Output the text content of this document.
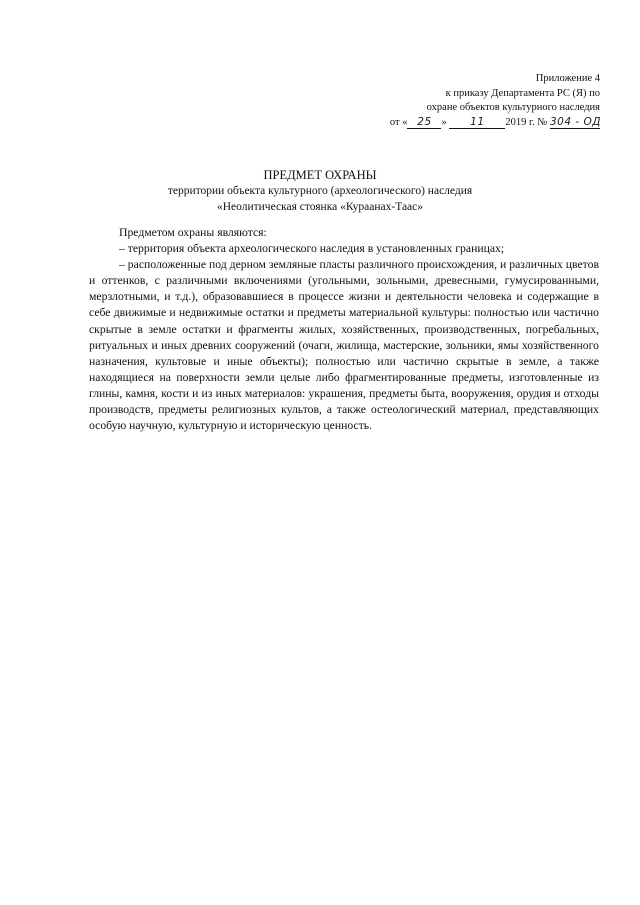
Приложение 4
к приказу Департамента РС (Я) по
охране объектов культурного наследия
от « 25 » 11 2019 г. № 304 - ОД
ПРЕДМЕТ ОХРАНЫ
территории объекта культурного (археологического) наследия
«Неолитическая стоянка «Кураанах-Таас»

Предметом охраны являются:

– территория объекта археологического наследия в установленных границах;

– расположенные под дерном земляные пласты различного происхождения, и различных цветов и оттенков, с различными включениями (угольными, зольными, древесными, гумусированными, мерзлотными, и т.д.), образовавшиеся в процессе жизни и деятельности человека и содержащие в себе движимые и недвижимые остатки и предметы материальной культуры: полностью или частично скрытые в земле остатки и фрагменты жилых, хозяйственных, производственных, погребальных, ритуальных и иных древних сооружений (очаги, жилища, мастерские, зольники, ямы хозяйственного назначения, культовые и иные объекты); полностью или частично скрытые в земле, а также находящиеся на поверхности земли целые либо фрагментированные предметы, изготовленные из глины, камня, кости и из иных материалов: украшения, предметы быта, вооружения, орудия и отходы производств, предметы религиозных культов, а также остеологический материал, представляющих особую научную, культурную и историческую ценность.
